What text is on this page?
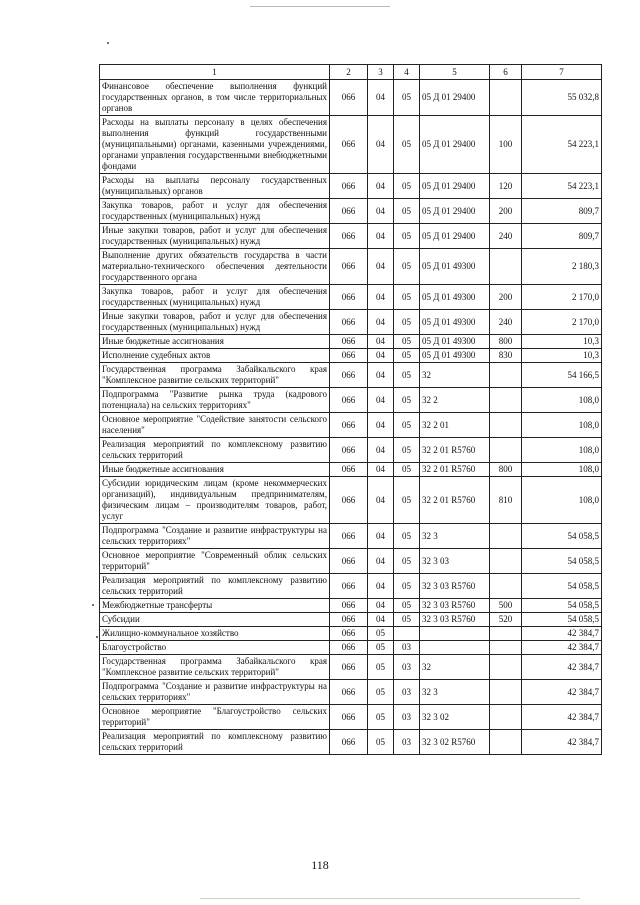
1	2	3	4	5	6	7
Финансовое обеспечение выполнения функций государственных органов, в том числе территориальных органов	066	04	05	05 Д 01 29400		55 032,8
Расходы на выплаты персоналу в целях обеспечения выполнения функций государственными (муниципальными) органами, казенными учреждениями, органами управления государственными внебюджетными фондами	066	04	05	05 Д 01 29400	100	54 223,1
Расходы на выплаты персоналу государственных (муниципальных) органов	066	04	05	05 Д 01 29400	120	54 223,1
Закупка товаров, работ и услуг для обеспечения государственных (муниципальных) нужд	066	04	05	05 Д 01 29400	200	809,7
Иные закупки товаров, работ и услуг для обеспечения государственных (муниципальных) нужд	066	04	05	05 Д 01 29400	240	809,7
Выполнение других обязательств государства в части материально-технического обеспечения деятельности государственного органа	066	04	05	05 Д 01 49300		2 180,3
Закупка товаров, работ и услуг для обеспечения государственных (муниципальных) нужд	066	04	05	05 Д 01 49300	200	2 170,0
Иные закупки товаров, работ и услуг для обеспечения государственных (муниципальных) нужд	066	04	05	05 Д 01 49300	240	2 170,0
Иные бюджетные ассигнования	066	04	05	05 Д 01 49300	800	10,3
Исполнение судебных актов	066	04	05	05 Д 01 49300	830	10,3
Государственная программа Забайкальского края "Комплексное развитие сельских территорий"	066	04	05	32		54 166,5
Подпрограмма "Развитие рынка труда (кадрового потенциала) на сельских территориях"	066	04	05	32 2		108,0
Основное мероприятие "Содействие занятости сельского населения"	066	04	05	32 2 01		108,0
Реализация мероприятий по комплексному развитию сельских территорий	066	04	05	32 2 01 R5760		108,0
Иные бюджетные ассигнования	066	04	05	32 2 01 R5760	800	108,0
Субсидии юридическим лицам (кроме некоммерческих организаций), индивидуальным предпринимателям, физическим лицам – производителям товаров, работ, услуг	066	04	05	32 2 01 R5760	810	108,0
Подпрограмма "Создание и развитие инфраструктуры на сельских территориях"	066	04	05	32 3		54 058,5
Основное мероприятие "Современный облик сельских территорий"	066	04	05	32 3 03		54 058,5
Реализация мероприятий по комплексному развитию сельских территорий	066	04	05	32 3 03 R5760		54 058,5
Межбюджетные трансферты	066	04	05	32 3 03 R5760	500	54 058,5
Субсидии	066	04	05	32 3 03 R5760	520	54 058,5
Жилищно-коммунальное хозяйство	066	05				42 384,7
Благоустройство	066	05	03			42 384,7
Государственная программа Забайкальского края "Комплексное развитие сельских территорий"	066	05	03	32		42 384,7
Подпрограмма "Создание и развитие инфраструктуры на сельских территориях"	066	05	03	32 3		42 384,7
Основное мероприятие "Благоустройство сельских территорий"	066	05	03	32 3 02		42 384,7
Реализация мероприятий по комплексному развитию сельских территорий	066	05	03	32 3 02 R5760		42 384,7
118
